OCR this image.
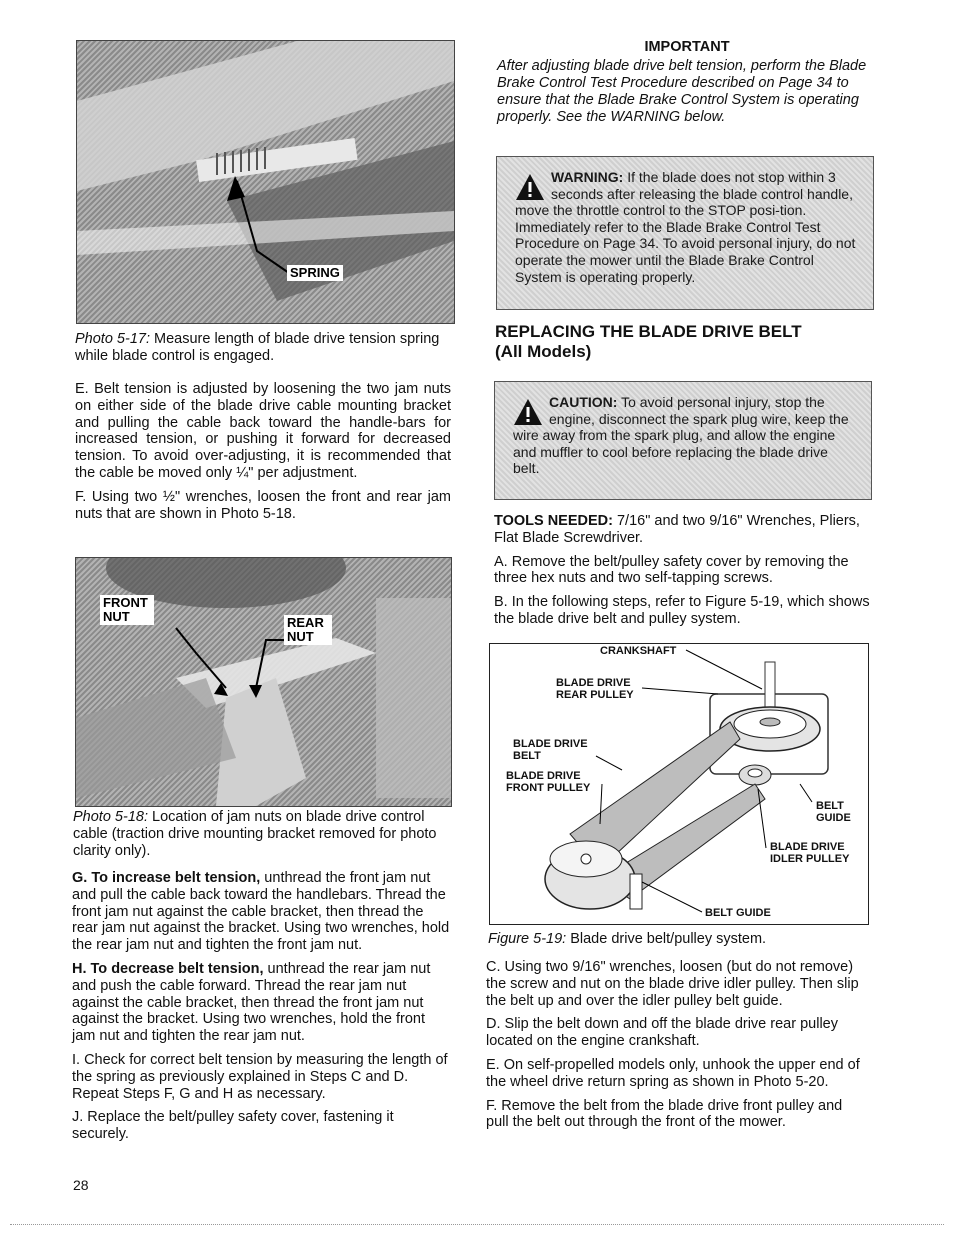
SPRING
Photo 5-17: Measure length of blade drive tension spring while blade control is engaged.

E. Belt tension is adjusted by loosening the two jam nuts on either side of the blade drive cable mounting bracket and pulling the cable back toward the handle-bars for increased tension, or pushing it forward for decreased tension. To avoid over-adjusting, it is recommended that the cable be moved only ¼" per adjustment.

F. Using two ½" wrenches, loosen the front and rear jam nuts that are shown in Photo 5-18.

FRONT NUT	REAR NUT
Photo 5-18: Location of jam nuts on blade drive control cable (traction drive mounting bracket removed for photo clarity only).

G. To increase belt tension, unthread the front jam nut and pull the cable back toward the handlebars. Thread the front jam nut against the cable bracket, then thread the rear jam nut against the bracket. Using two wrenches, hold the rear jam nut and tighten the front jam nut.

H. To decrease belt tension, unthread the rear jam nut and push the cable forward. Thread the rear jam nut against the cable bracket, then thread the front jam nut against the bracket. Using two wrenches, hold the front jam nut and tighten the rear jam nut.

I. Check for correct belt tension by measuring the length of the spring as previously explained in Steps C and D. Repeat Steps F, G and H as necessary.

J. Replace the belt/pulley safety cover, fastening it securely.

IMPORTANT
After adjusting blade drive belt tension, perform the Blade Brake Control Test Procedure described on Page 34 to ensure that the Blade Brake Control System is operating properly. See the WARNING below.
WARNING: If the blade does not stop within 3 seconds after releasing the blade control handle, move the throttle control to the STOP posi-tion. Immediately refer to the Blade Brake Control Test Procedure on Page 34. To avoid personal injury, do not operate the mower until the Blade Brake Control System is operating properly.
REPLACING THE BLADE DRIVE BELT
(All Models)
CAUTION: To avoid personal injury, stop the engine, disconnect the spark plug wire, keep the wire away from the spark plug, and allow the engine and muffler to cool before replacing the blade drive belt.

TOOLS NEEDED: 7/16" and two 9/16" Wrenches, Pliers, Flat Blade Screwdriver.

A. Remove the belt/pulley safety cover by removing the three hex nuts and two self-tapping screws.

B. In the following steps, refer to Figure 5-19, which shows the blade drive belt and pulley system.

CRANKSHAFT
BLADE DRIVE REAR PULLEY
BLADE DRIVE BELT
BLADE DRIVE FRONT PULLEY
BELT GUIDE
BLADE DRIVE IDLER PULLEY
BELT GUIDE
Figure 5-19: Blade drive belt/pulley system.

C. Using two 9/16" wrenches, loosen (but do not remove) the screw and nut on the blade drive idler pulley. Then slip the belt up and over the idler pulley belt guide.

D. Slip the belt down and off the blade drive rear pulley located on the engine crankshaft.

E. On self-propelled models only, unhook the upper end of the wheel drive return spring as shown in Photo 5-20.

F. Remove the belt from the blade drive front pulley and pull the belt out through the front of the mower.

28
